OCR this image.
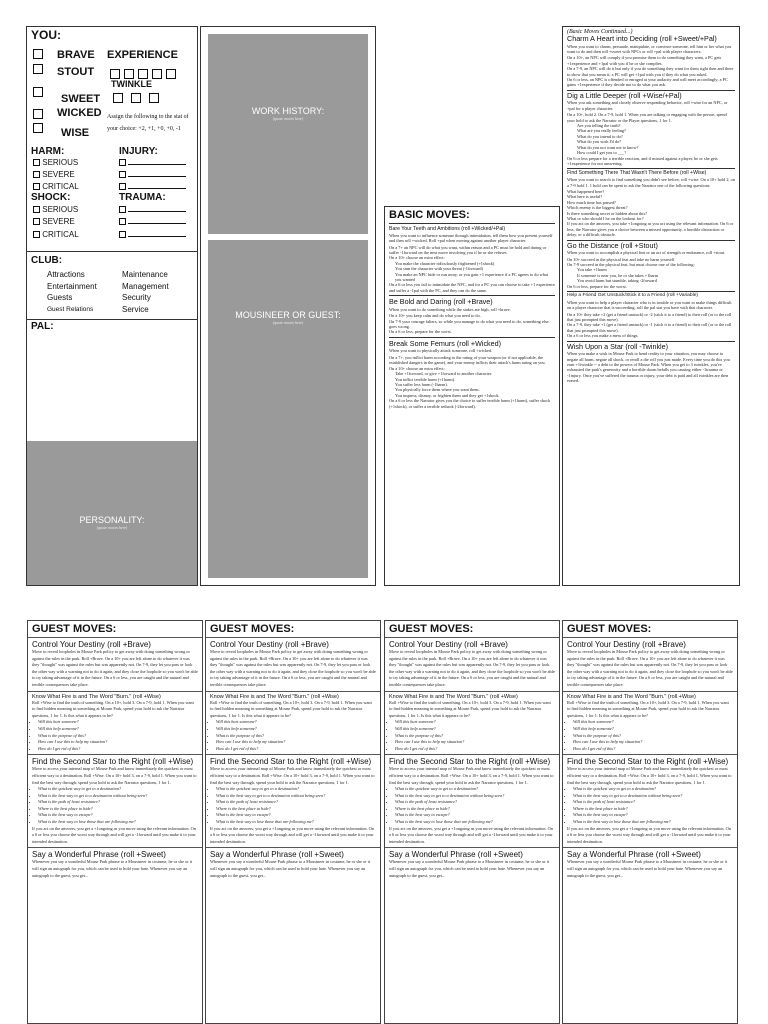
YOU:
BRAVE EXPERIENCE
STOUT
TWINKLE
SWEET
WICKED Assign the following to the stat of your choice: +2, +1, +0, +0, -1
WISE
HARM:	INJURY:
SERIOUS
SEVERE
CRITICAL

SHOCK:	TRAUMA:
SERIOUS
SEVERE
CRITICAL

CLUB:
Attractions	Maintenance
Entertainment	Management
Guests	Security
Guest Relations	Service
PAL:
PERSONALITY:
(quote moves here)
WORK HISTORY:
(quote moves here)
MOUSINEER OR GUEST:
(quote moves here)
BASIC MOVES:
Bare Your Teeth and Ambitions (roll +Wicked/+Pal)

When you want to influence someone through intimidation, tell them how you present yourself and then roll +wicked. Roll +pal when moving against another player character.

On a 7+ an NPC will do what you want, within reason and a PC must be bold and daring or suffer -1forward on the next move involving you if he or she refuses
On a 10+ choose an extra effect:
You make the character ridiculously frightened (+1shock)
You stun the character with your threat (-1forward)
You make an NPC hide or run away, or you gain +1 experience if a PC agrees to do what you wanted
On a 6 or less you fail to intimidate the NPC, and for a PC you can choose to take +1 experience and suffer a -1pal with the PC, and they can do the same.
Be Bold and Daring (roll +Brave)

When you want to do something while the stakes are high, roll +brave.

On a 10+ you keep calm and do what you need to do.
On 7-9 your courage falters, so while you manage to do what you need to do, something else goes wrong.
On a 6 or less, prepare for the worst.
Break Some Femurs (roll +Wicked)

When you want to physically attack someone, roll +wicked.

On a 7+, you inflict harm according to the rating of your weapon (or if not applicable, the established dangers in the game), and your enemy inflicts their attack's harm rating on you.
On a 10+ choose an extra effect:
Take +1forward, or give +1forward to another character.
You inflict terrible harm (+1harm).
You suffer less harm (-1harm).
You physically force them where you want them.
You impress, dismay, or frighten them and they get +1shock.
On a 6 or less the Narrator gives you the choice to suffer terrible harm (+1harm), suffer shock (+1shock), or suffer a terrible setback (-2forward).
(Basic Moves Continued...)
Charm A Heart into Deciding (roll +Sweet/+Pal)

When you want to charm, persuade, manipulate, or convince someone, tell him or her what you want to do and then roll +sweet with NPCs or roll +pal with player characters.

On a 10+, an NPC will comply if you promise them to do something they want, a PC gets +1experience and +1pal with you if he or she complies.
On a 7-9, an NPC will do it but only if you do something they want for them right then and there to show that you mean it; a PC will get +1pal with you if they do what you asked.
On 6 or less, an NPC is offended or enraged at your audacity and will meet accordingly; a PC gains +1experience if they decide not to do what you ask.
Dig a Little Deeper (roll +Wise/+Pal)

When you ask something and closely observe responding behavior, roll +wise for an NPC, or +pal for a player character.

On a 10+, hold 2. On a 7-9, hold 1. When you are talking or engaging with the person, spend your hold to ask the Narrator or the Player questions, 1 for 1.
Are you telling the truth?
What are you really feeling?
What do you intend to do?
What do you wish I'd do?
What do you not want me to know?
How could I get you to ___?
On 6 or less prepare for a terrible reaction, and if missed against a player, he or she gets +1experience for not answering.
Find Something There That Wasn't There Before (roll +Wise)

When you want to search to find something you didn't see before, roll +wise. On a 10+ hold 2, on a 7-9 hold 1. 1 hold can be spent to ask the Narrator one of the following questions.

What happened here?
What here is useful?
How much time has passed?
Which enemy is the biggest threat?
Is there something secret or hidden about this?
What or who should I be on the lookout for?
If you act on the answers, you take +1ongoing as you act using the relevant information. On 6 or less, the Narrator gives you a choice between a missed opportunity, a horrible distraction or delay, or a difficult obstacle.
Go the Distance (roll +Stout)

When you want to accomplish a physical feat or an act of strength or endurance, roll +stout.

On 10+ succeed in the physical feat and take no harm yourself
On 7-9 succeed in the physical feat, but must choose one of the following:
You take +1harm
If someone is near you, he or she takes +1harm
You avoid harm but stumble, taking -2forward
On 6 or less, prepare for the worst.
Help a Friend Get Unstuck/Stick it to a Friend (roll +Variable)

When you want to help a player character who is in trouble or you want to make things difficult on a player character that is succeeding, roll the pal stat you have with that character.

On a 10+ they take +2 (get a friend unstuck) or -2 (stick it to a friend) to their roll (or to the roll that just prompted this move).
On a 7-9, they take +1 (get a friend unstuck) or -1 (stick it to a friend) to their roll (or to the roll that just prompted this move).
On a 6 or less you make a mess of things.
Wish Upon a Star (roll -Twinkle)

When you make a wish in Mouse Park to bend reality to your situation, you may choose to negate all harm, negate all shock, or reroll a die roll you just made. Every time you do this you earn +1twinkle -- a debt to the powers of Mouse Park. When you get to 3 twinkles, you've exhausted the park's generosity and a horrible doom befalls you causing either -1trauma or -1injury. Once you've suffered the trauma or injury, your debt is paid and all twinkles are then erased.

GUEST MOVES:
Control Your Destiny (roll +Brave)
Move to reveal loopholes in Mouse Park policy to get away with doing something wrong or against the rules in the park. Roll +Brave. On a 10+ you are left alone to do whatever it was they "thought" was against the rules but was apparently not. On 7-9, they let you pass or look the other way with a warning not to do it again, and they close the loophole so you won't be able to try taking advantage of it in the future. On a 6 or less, you are caught and the natural and terrible consequences take place.
Know What Fire is and The Word "Burn." (roll +Wise)

Roll +Wise to find the truth of something. On a 10+, hold 3. On a 7-9, hold 1. When you want to find hidden meaning in something at Mouse Park, spend your hold to ask the Narrator questions, 1 for 1. Is this what it appears to be?

• Will this hurt someone?
• Will this help someone?
• What is the purpose of this?
• How can I use this to help my situation?
• How do I get rid of this?
Find the Second Star to the Right (roll +Wise)

Move to access your internal map of Mouse Park and know immediately the quickest or most efficient way to a destination. Roll +Wise. On a 10+ hold 3, on a 7-9, hold 1. When you want to find the best way through, spend your hold to ask the Narrator questions, 1 for 1.

• What is the quickest way to get to a destination?
• What is the best way to get to a destination without being seen?
• What is the path of least resistance?
• Where is the best place to hide?
• What is the best way to escape?
• What is the best way to lose those that are following me?

If you act on the answers, you get a +1ongoing as you move using the relevant information. On a 6 or less you choose the worst way through and will get a -1forward until you make it to your intended destination.

Say a Wonderful Phrase (roll +Sweet)
Whenever you say a wonderful Mouse Park phrase to a Mousineer in costume, he or she or it will sign an autograph for you, which can be used to hold your hate. Whenever you say an autograph to the guest, you get...
GUEST MOVES:
Control Your Destiny (roll +Brave)
Move to reveal loopholes in Mouse Park policy to get away with doing something wrong or against the rules in the park. Roll +Brave. On a 10+ you are left alone to do whatever it was they "thought" was against the rules but was apparently not. On 7-9, they let you pass or look the other way with a warning not to do it again, and they close the loophole so you won't be able to try taking advantage of it in the future. On a 6 or less, you are caught and the natural and terrible consequences take place.
Know What Fire is and The Word "Burn." (roll +Wise)

Roll +Wise to find the truth of something. On a 10+, hold 3. On a 7-9, hold 1. When you want to find hidden meaning in something at Mouse Park, spend your hold to ask the Narrator questions, 1 for 1. Is this what it appears to be?

• Will this hurt someone?
• Will this help someone?
• What is the purpose of this?
• How can I use this to help my situation?
• How do I get rid of this?
Find the Second Star to the Right (roll +Wise)

Move to access your internal map of Mouse Park and know immediately the quickest or most efficient way to a destination. Roll +Wise. On a 10+ hold 3, on a 7-9, hold 1. When you want to find the best way through, spend your hold to ask the Narrator questions, 1 for 1.

• What is the quickest way to get to a destination?
• What is the best way to get to a destination without being seen?
• What is the path of least resistance?
• Where is the best place to hide?
• What is the best way to escape?
• What is the best way to lose those that are following me?

If you act on the answers, you get a +1ongoing as you move using the relevant information. On a 6 or less you choose the worst way through and will get a -1forward until you make it to your intended destination.

Say a Wonderful Phrase (roll +Sweet)
Whenever you say a wonderful Mouse Park phrase to a Mousineer in costume, he or she or it will sign an autograph for you, which can be used to hold your hate. Whenever you say an autograph to the guest, you get...
GUEST MOVES:
Control Your Destiny (roll +Brave)
Move to reveal loopholes in Mouse Park policy to get away with doing something wrong or against the rules in the park. Roll +Brave. On a 10+ you are left alone to do whatever it was they "thought" was against the rules but was apparently not. On 7-9, they let you pass or look the other way with a warning not to do it again, and they close the loophole so you won't be able to try taking advantage of it in the future. On a 6 or less, you are caught and the natural and terrible consequences take place.
Know What Fire is and The Word "Burn." (roll +Wise)

Roll +Wise to find the truth of something. On a 10+, hold 3. On a 7-9, hold 1. When you want to find hidden meaning in something at Mouse Park, spend your hold to ask the Narrator questions, 1 for 1. Is this what it appears to be?

• Will this hurt someone?
• Will this help someone?
• What is the purpose of this?
• How can I use this to help my situation?
• How do I get rid of this?
Find the Second Star to the Right (roll +Wise)

Move to access your internal map of Mouse Park and know immediately the quickest or most efficient way to a destination. Roll +Wise. On a 10+ hold 3, on a 7-9, hold 1. When you want to find the best way through, spend your hold to ask the Narrator questions, 1 for 1.

• What is the quickest way to get to a destination?
• What is the best way to get to a destination without being seen?
• What is the path of least resistance?
• Where is the best place to hide?
• What is the best way to escape?
• What is the best way to lose those that are following me?

If you act on the answers, you get a +1ongoing as you move using the relevant information. On a 6 or less you choose the worst way through and will get a -1forward until you make it to your intended destination.

Say a Wonderful Phrase (roll +Sweet)
Whenever you say a wonderful Mouse Park phrase to a Mousineer in costume, he or she or it will sign an autograph for you, which can be used to hold your hate. Whenever you say an autograph to the guest, you get...
GUEST MOVES:
Control Your Destiny (roll +Brave)
Move to reveal loopholes in Mouse Park policy to get away with doing something wrong or against the rules in the park. Roll +Brave. On a 10+ you are left alone to do whatever it was they "thought" was against the rules but was apparently not. On 7-9, they let you pass or look the other way with a warning not to do it again, and they close the loophole so you won't be able to try taking advantage of it in the future. On a 6 or less, you are caught and the natural and terrible consequences take place.
Know What Fire is and The Word "Burn." (roll +Wise)

Roll +Wise to find the truth of something. On a 10+, hold 3. On a 7-9, hold 1. When you want to find hidden meaning in something at Mouse Park, spend your hold to ask the Narrator questions, 1 for 1. Is this what it appears to be?

• Will this hurt someone?
• Will this help someone?
• What is the purpose of this?
• How can I use this to help my situation?
• How do I get rid of this?
Find the Second Star to the Right (roll +Wise)

Move to access your internal map of Mouse Park and know immediately the quickest or most efficient way to a destination. Roll +Wise. On a 10+ hold 3, on a 7-9, hold 1. When you want to find the best way through, spend your hold to ask the Narrator questions, 1 for 1.

• What is the quickest way to get to a destination?
• What is the best way to get to a destination without being seen?
• What is the path of least resistance?
• Where is the best place to hide?
• What is the best way to escape?
• What is the best way to lose those that are following me?

If you act on the answers, you get a +1ongoing as you move using the relevant information. On a 6 or less you choose the worst way through and will get a -1forward until you make it to your intended destination.

Say a Wonderful Phrase (roll +Sweet)
Whenever you say a wonderful Mouse Park phrase to a Mousineer in costume, he or she or it will sign an autograph for you, which can be used to hold your hate. Whenever you say an autograph to the guest, you get...
